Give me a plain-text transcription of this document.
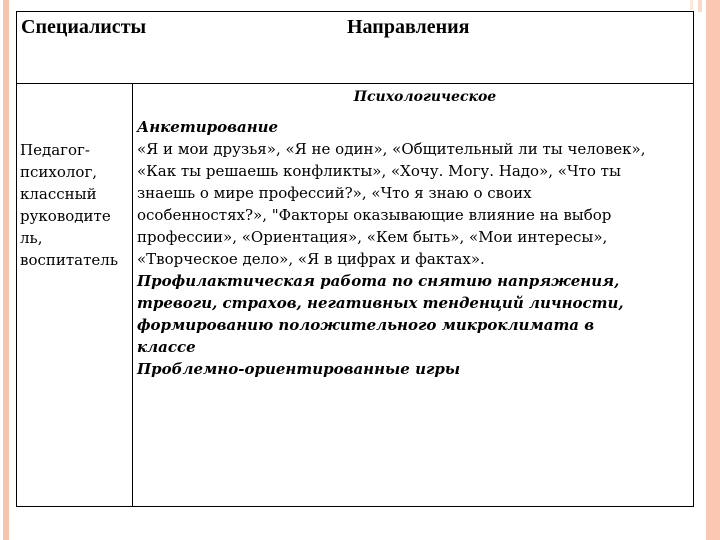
Специалисты	Направления
Педагог-
психолог,
классный
руководите
ль,
воспитатель
Психологическое
Анкетирование
«Я и мои друзья», «Я не один», «Общительный ли ты человек»,
«Как ты решаешь конфликты», «Хочу. Могу. Надо», «Что ты
знаешь о мире профессий?», «Что я знаю о своих
особенностях?», "Факторы оказывающие влияние на выбор
профессии», «Ориентация», «Кем быть», «Мои интересы»,
«Творческое дело», «Я в цифрах и фактах».
Профилактическая работа по снятию напряжения,
тревоги, страхов, негативных тенденций личности,
формированию положительного микроклимата в
классе
Проблемно-ориентированные игры
